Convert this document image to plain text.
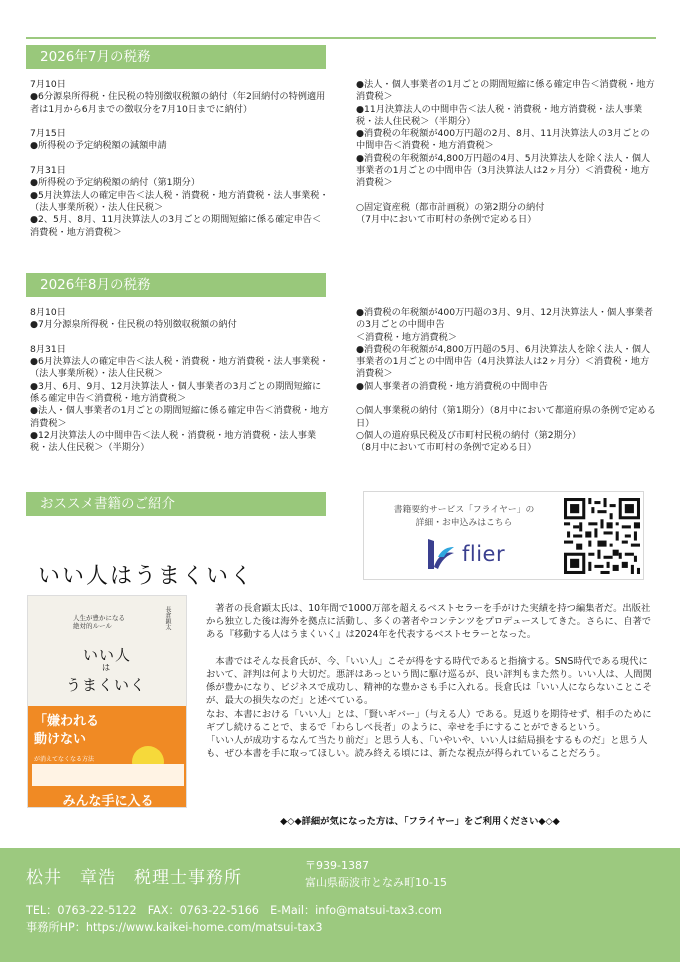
2026年7月の税務

7月10日
●6分源泉所得税・住民税の特別徴収税額の納付（年2回納付の特例適用者は1月から6月までの徴収分を7月10日までに納付）

7月15日
●所得税の予定納税額の減額申請

7月31日
●所得税の予定納税額の納付（第1期分）
●5月決算法人の確定申告＜法人税・消費税・地方消費税・法人事業税・（法人事業所税）・法人住民税＞
●2、5月、8月、11月決算法人の3月ごとの期間短縮に係る確定申告＜消費税・地方消費税＞

●法人・個人事業者の1月ごとの期間短縮に係る確定申告＜消費税・地方消費税＞
●11月決算法人の中間申告＜法人税・消費税・地方消費税・法人事業税・法人住民税＞（半期分）
●消費税の年税額が400万円超の2月、8月、11月決算法人の3月ごとの中間申告＜消費税・地方消費税＞
●消費税の年税額が4,800万円超の4月、5月決算法人を除く法人・個人事業者の1月ごとの中間申告（3月決算法人は2ヶ月分）＜消費税・地方消費税＞

○固定資産税（都市計画税）の第2期分の納付
（7月中において市町村の条例で定める日）

2026年8月の税務

8月10日
●7月分源泉所得税・住民税の特別徴収税額の納付

8月31日
●6月決算法人の確定申告＜法人税・消費税・地方消費税・法人事業税・（法人事業所税）・法人住民税＞
●3月、6月、9月、12月決算法人・個人事業者の3月ごとの期間短縮に係る確定申告＜消費税・地方消費税＞
●法人・個人事業者の1月ごとの期間短縮に係る確定申告＜消費税・地方消費税＞
●12月決算法人の中間申告＜法人税・消費税・地方消費税・法人事業税・法人住民税＞（半期分）

●消費税の年税額が400万円超の3月、9月、12月決算法人・個人事業者の3月ごとの中間申告
＜消費税・地方消費税＞
●消費税の年税額が4,800万円超の5月、6月決算法人を除く法人・個人事業者の1月ごとの中間申告（4月決算法人は2ヶ月分）＜消費税・地方消費税＞
●個人事業者の消費税・地方消費税の中間申告

○個人事業税の納付（第1期分）（8月中において都道府県の条例で定める日）
○個人の道府県民税及び市町村民税の納付（第2期分）
（8月中において市町村の条例で定める日）

おススメ書籍のご紹介	書籍要約サービス「フライヤー」の
詳細・お申込みはこちら
flier
いい人はうまくいく
長倉顕太
人生が豊かになる
絶対的ルール
いい人
は
うまくいく
「嫌われる
動けない
が消えてなくなる方法
みんな手に入る

著者の長倉顕太氏は、10年間で1000万部を超えるベストセラーを手がけた実績を持つ編集者だ。出版社から独立した後は海外を拠点に活動し、多くの著者やコンテンツをプロデュースしてきた。さらに、自著である『移動する人はうまくいく』は2024年を代表するベストセラーとなった。

本書ではそんな長倉氏が、今、「いい人」こそが得をする時代であると指摘する。SNS時代である現代において、評判は何より大切だ。悪評はあっという間に駆け巡るが、良い評判もまた然り。いい人は、人間関係が豊かになり、ビジネスで成功し、精神的な豊かさも手に入れる。長倉氏は「いい人にならないことこそが、最大の損失なのだ」と述べている。
なお、本書における「いい人」とは、「賢いギバー」（与える人）である。見返りを期待せず、相手のためにギブし続けることで、まるで「わらしべ長者」のように、幸せを手にすることができるという。
「いい人が成功するなんて当たり前だ」と思う人も、「いやいや、いい人は結局損をするものだ」と思う人も、ぜひ本書を手に取ってほしい。読み終える頃には、新たな視点が得られていることだろう。

◆◇◆詳細が気になった方は、「フライヤー」をご利用ください◆◇◆
松井　章浩　税理士事務所
〒939-1387
富山県砺波市となみ町10-15
TEL：0763-22-5122　FAX：0763-22-5166　E-Mail：info@matsui-tax3.com
事務所HP：https://www.kaikei-home.com/matsui-tax3
